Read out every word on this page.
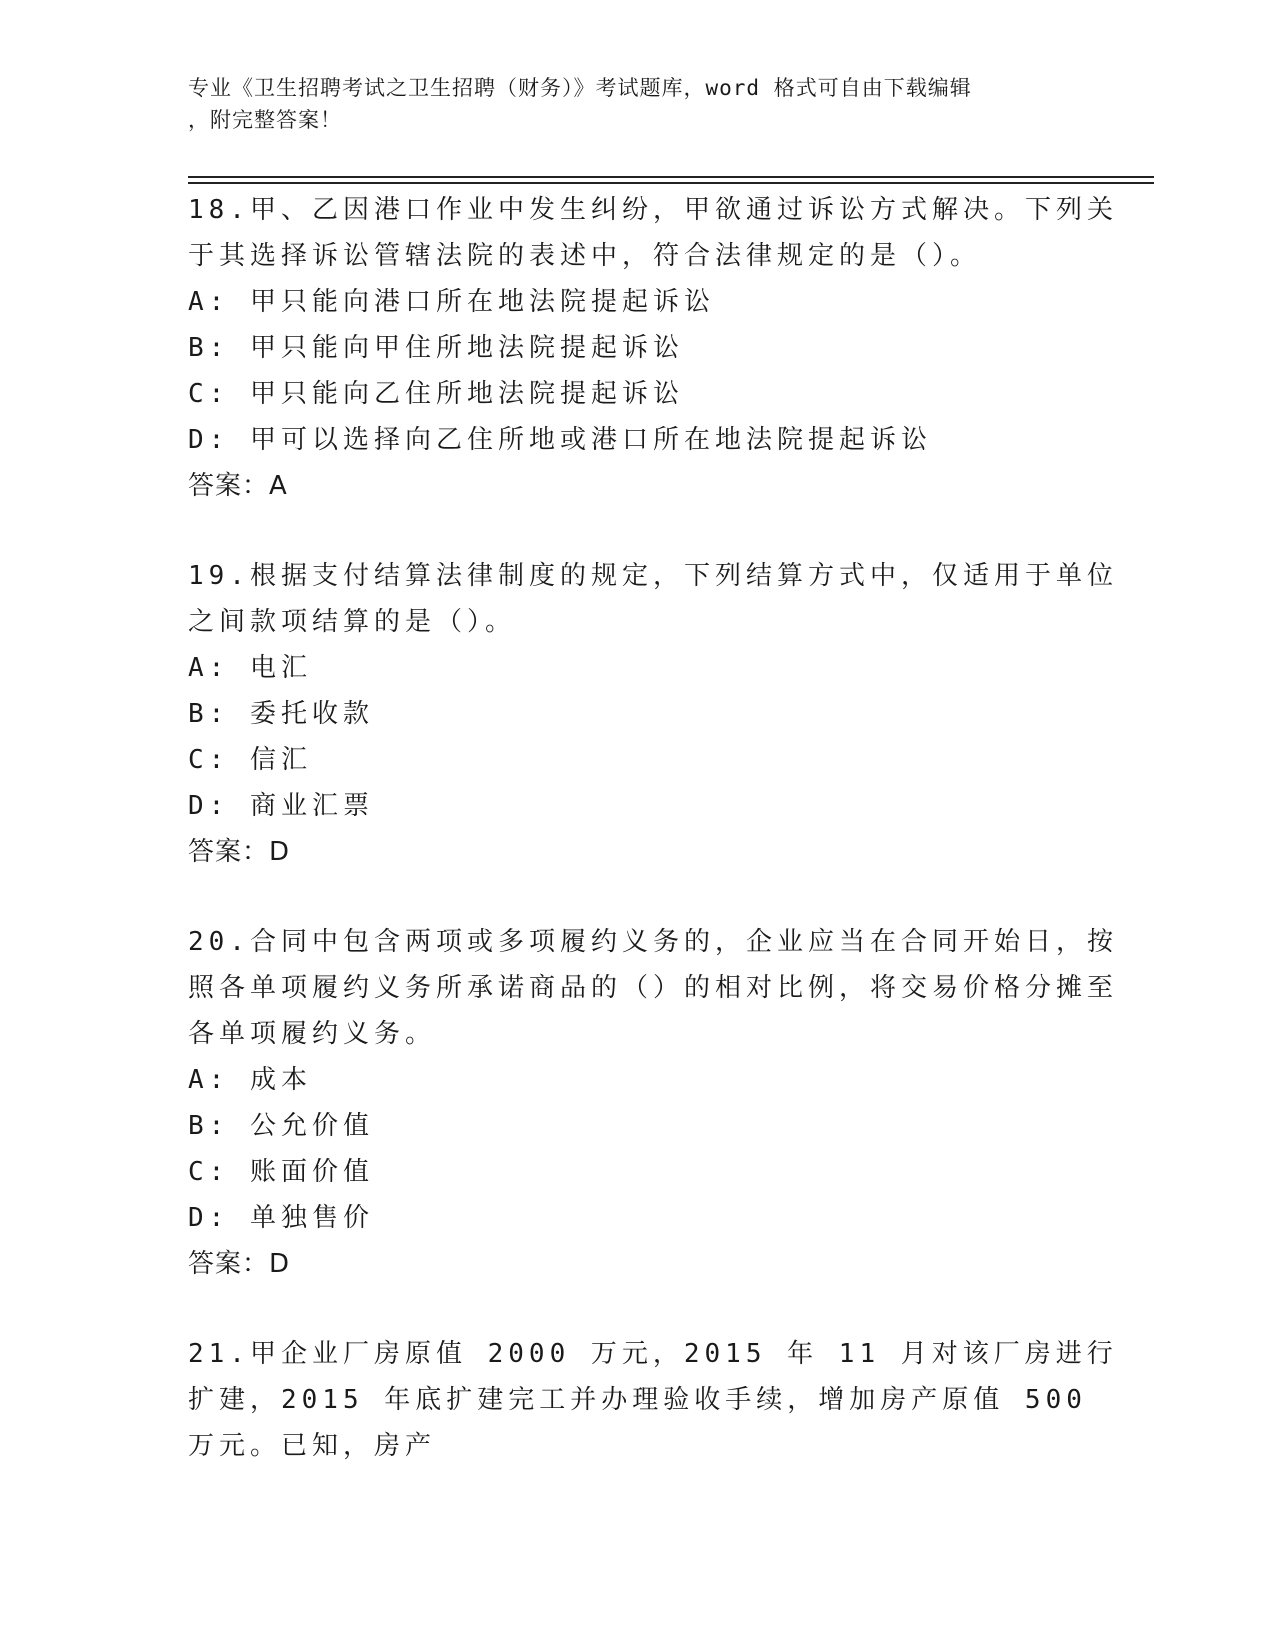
专业《卫生招聘考试之卫生招聘（财务）》考试题库，word 格式可自由下载编辑
，附完整答案！

18.甲、乙因港口作业中发生纠纷，甲欲通过诉讼方式解决。下列关于其选择诉讼管辖法院的表述中，符合法律规定的是（）。

A: 甲只能向港口所在地法院提起诉讼

B: 甲只能向甲住所地法院提起诉讼

C: 甲只能向乙住所地法院提起诉讼

D: 甲可以选择向乙住所地或港口所在地法院提起诉讼

答案：A

19.根据支付结算法律制度的规定，下列结算方式中，仅适用于单位之间款项结算的是（）。

A: 电汇

B: 委托收款

C: 信汇

D: 商业汇票

答案：D

20.合同中包含两项或多项履约义务的，企业应当在合同开始日，按照各单项履约义务所承诺商品的（）的相对比例，将交易价格分摊至各单项履约义务。

A: 成本

B: 公允价值

C: 账面价值

D: 单独售价

答案：D

21.甲企业厂房原值 2000 万元，2015 年 11 月对该厂房进行扩建，2015 年底扩建完工并办理验收手续，增加房产原值 500 万元。已知，房产
